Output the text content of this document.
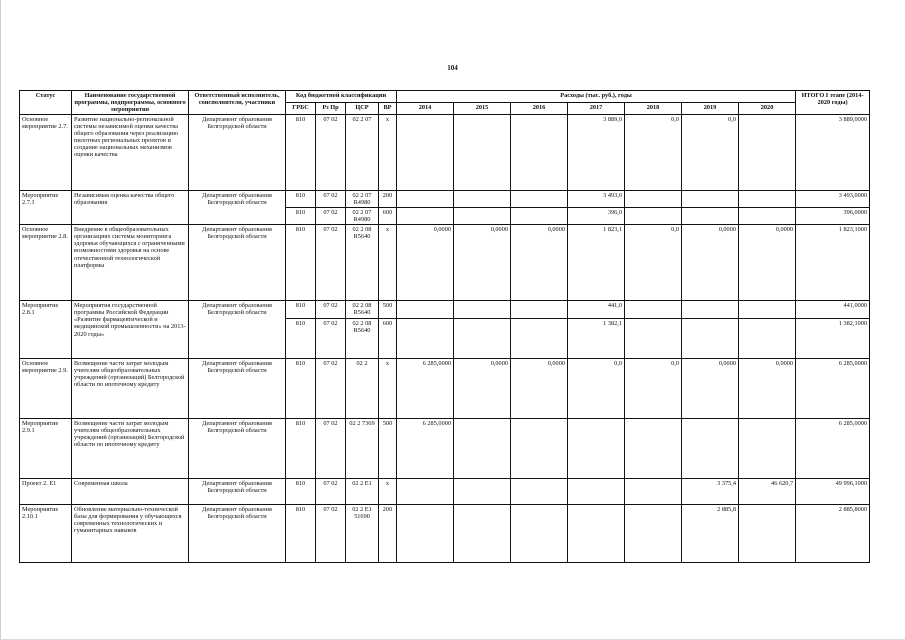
104
Статус	Наименование государственной программы, подпрограммы, основного мероприятия	Ответственный исполнитель, соисполнители, участники	Код бюджетной классификации				Расходы (тыс. руб.), годы							ИТОГО I этапе (2014-2020 годы)
			ГРБС	Рз Пр	ЦСР	ВР	2014	2015	2016	2017	2018	2019	2020	
Основное мероприятие 2.7.	Развитие национально-региональной системы независимой оценки качества общего образования через реализацию пилотных региональных проектов и создание национальных механизмов оценки качества	Департамент образования Белгородской области	810	07 02	02 2 07	х				3 889,0	0,0	0,0		3 889,0000
Мероприятие 2.7.1	Независимая оценка качества общего образования	Департамент образования Белгородской области	810	07 02	02 2 07 R4980	200				3 493,0				3 493,0000
			810	07 02	02 2 07 R4980	600				396,0				396,0000
Основное мероприятие 2.8.	Внедрение в общеобразовательных организациях системы мониторинга здоровья обучающихся с ограниченными возможностями здоровья на основе отечественной технологической платформы	Департамент образования Белгородской области	810	07 02	02 2 08 R5640	х	0,0000	0,0000	0,0000	1 823,1	0,0	0,0000	0,0000	1 823,1000
Мероприятие 2.8.1	Мероприятия государственной программы Российской Федерации «Развитие фармацевтической и медицинской промышленности» на 2013-2020 годы»	Департамент образования Белгородской области	810	07 02	02 2 08 R5640	500				441,0				441,0000
			810	07 02	02 2 08 R5640	600				1 382,1				1 382,1000
Основное мероприятие 2.9.	Возмещение части затрат молодым учителям общеобразовательных учреждений (организаций) Белгородской области по ипотечному кредиту	Департамент образования Белгородской области	810	07 02	02 2	х	6 285,0000	0,0000	0,0000	0,0	0,0	0,0000	0,0000	6 285,0000
Мероприятие 2.9.1	Возмещение части затрат молодым учителям общеобразовательных учреждений (организаций) Белгородской области по ипотечному кредиту	Департамент образования Белгородской области	810	07 02	02 2 7369	500	6 285,0000							6 285,0000
Проект 2. Е1	Современная школа	Департамент образования Белгородской области	810	07 02	02 2 Е1	х						3 375,4	46 620,7	49 996,1000
Мероприятие 2.10.1	Обновление материально-технической базы для формирования у обучающихся современных технологических и гуманитарных навыков	Департамент образования Белгородской области	810	07 02	02 2 Е1 51690	200						2 885,8		2 885,8000
